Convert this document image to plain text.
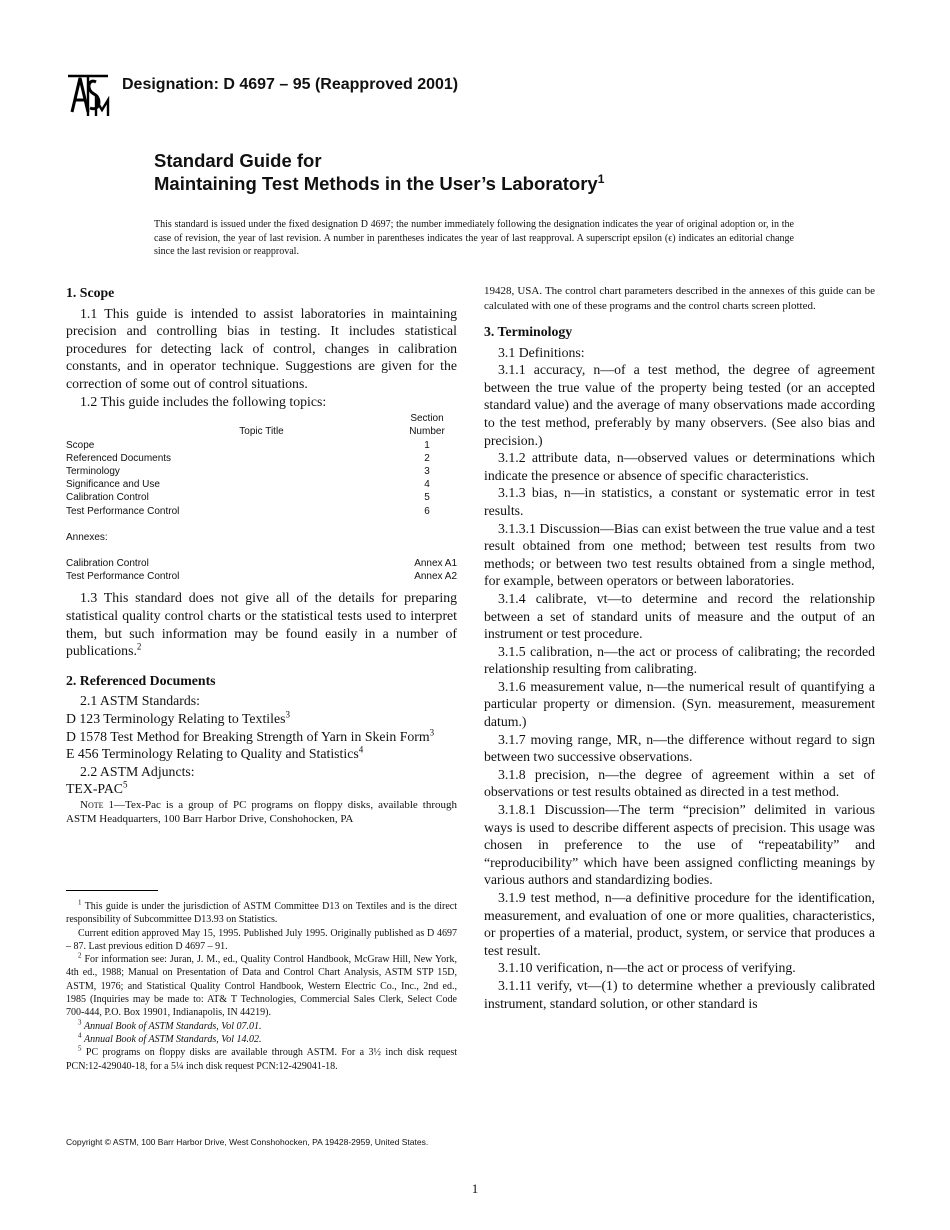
Designation: D 4697 – 95 (Reapproved 2001)
Standard Guide for
Maintaining Test Methods in the User’s Laboratory$^1$
This standard is issued under the fixed designation D 4697; the number immediately following the designation indicates the year of original adoption or, in the case of revision, the year of last revision. A number in parentheses indicates the year of last reapproval. A superscript epsilon (ϵ) indicates an editorial change since the last revision or reapproval.
1. Scope

1.1 This guide is intended to assist laboratories in maintaining precision and controlling bias in testing. It includes statistical procedures for detecting lack of control, changes in calibration constants, and in operator technique. Suggestions are given for the correction of some out of control situations.

1.2 This guide includes the following topics:

Topic Title
Section Number
Scope	1
Referenced Documents	2
Terminology	3
Significance and Use	4
Calibration Control	5
Test Performance Control	6
Annexes:
Calibration Control	Annex A1
Test Performance Control	Annex A2

1.3 This standard does not give all of the details for preparing statistical quality control charts or the statistical tests used to interpret them, but such information may be found easily in a number of publications.$^2$

2. Referenced Documents

2.1 ASTM Standards:

D 123 Terminology Relating to Textiles$^3$

D 1578 Test Method for Breaking Strength of Yarn in Skein Form$^3$

E 456 Terminology Relating to Quality and Statistics$^4$

2.2 ASTM Adjuncts:

TEX-PAC$^5$

Note 1—Tex-Pac is a group of PC programs on floppy disks, available through ASTM Headquarters, 100 Barr Harbor Drive, Conshohocken, PA

$^1$ This guide is under the jurisdiction of ASTM Committee D13 on Textiles and is the direct responsibility of Subcommittee D13.93 on Statistics.

Current edition approved May 15, 1995. Published July 1995. Originally published as D 4697 – 87. Last previous edition D 4697 – 91.

$^2$ For information see: Juran, J. M., ed., Quality Control Handbook, McGraw Hill, New York, 4th ed., 1988; Manual on Presentation of Data and Control Chart Analysis, ASTM STP 15D, ASTM, 1976; and Statistical Quality Control Handbook, Western Electric Co., Inc., 2nd ed., 1985 (Inquiries may be made to: AT& T Technologies, Commercial Sales Clerk, Select Code 700-444, P.O. Box 19901, Indianapolis, IN 44219).

$^3$ Annual Book of ASTM Standards, Vol 07.01.

$^4$ Annual Book of ASTM Standards, Vol 14.02.

$^5$ PC programs on floppy disks are available through ASTM. For a 3½ inch disk request PCN:12-429040-18, for a 5¼ inch disk request PCN:12-429041-18.

19428, USA. The control chart parameters described in the annexes of this guide can be calculated with one of these programs and the control charts screen plotted.

3. Terminology

3.1 Definitions:

3.1.1 accuracy, n—of a test method, the degree of agreement between the true value of the property being tested (or an accepted standard value) and the average of many observations made according to the test method, preferably by many observers. (See also bias and precision.)

3.1.2 attribute data, n—observed values or determinations which indicate the presence or absence of specific characteristics.

3.1.3 bias, n—in statistics, a constant or systematic error in test results.

3.1.3.1 Discussion—Bias can exist between the true value and a test result obtained from one method; between test results from two methods; or between two test results obtained from a single method, for example, between operators or between laboratories.

3.1.4 calibrate, vt—to determine and record the relationship between a set of standard units of measure and the output of an instrument or test procedure.

3.1.5 calibration, n—the act or process of calibrating; the recorded relationship resulting from calibrating.

3.1.6 measurement value, n—the numerical result of quantifying a particular property or dimension. (Syn. measurement, measurement datum.)

3.1.7 moving range, MR, n—the difference without regard to sign between two successive observations.

3.1.8 precision, n—the degree of agreement within a set of observations or test results obtained as directed in a test method.

3.1.8.1 Discussion—The term “precision” delimited in various ways is used to describe different aspects of precision. This usage was chosen in preference to the use of “repeatability” and “reproducibility” which have been assigned conflicting meanings by various authors and standardizing bodies.

3.1.9 test method, n—a definitive procedure for the identification, measurement, and evaluation of one or more qualities, characteristics, or properties of a material, product, system, or service that produces a test result.

3.1.10 verification, n—the act or process of verifying.

3.1.11 verify, vt—(1) to determine whether a previously calibrated instrument, standard solution, or other standard is

Copyright © ASTM, 100 Barr Harbor Drive, West Conshohocken, PA 19428-2959, United States.
1
